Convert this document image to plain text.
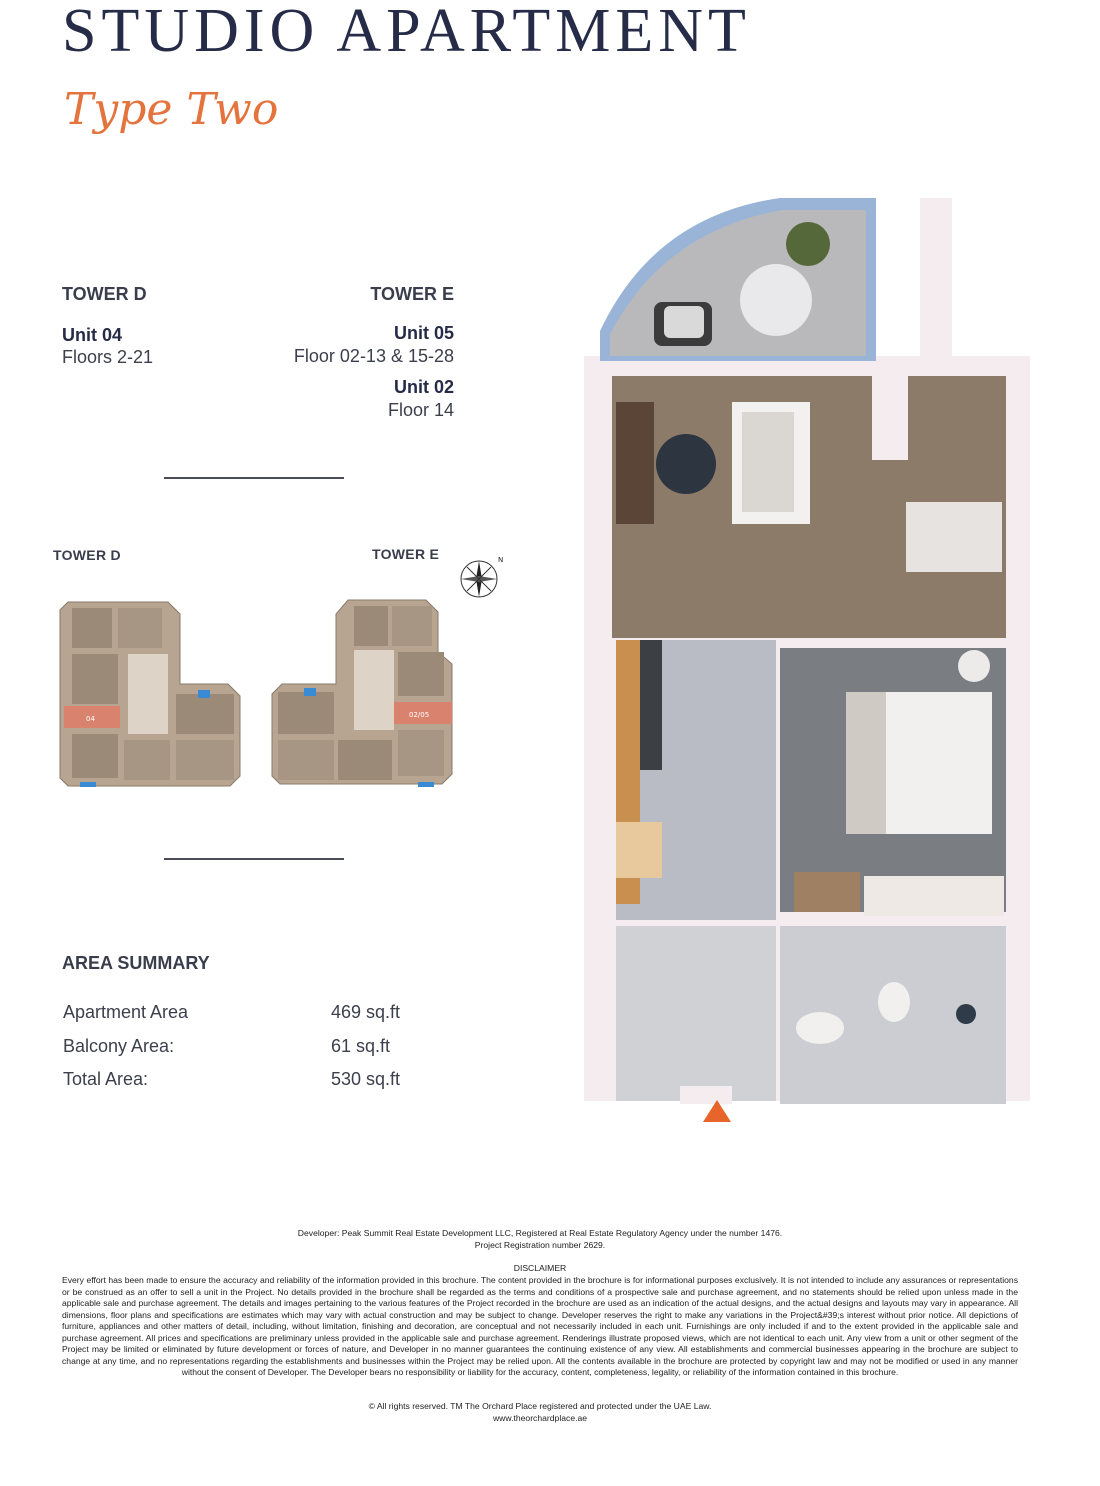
STUDIO APARTMENT
Type Two
TOWER D
Unit 04
Floors 2-21
TOWER E
Unit 05
Floor 02-13 & 15-28
Unit 02
Floor 14
TOWER D	TOWER E	N
04	02/05
AREA SUMMARY
Apartment Area	469 sq.ft
Balcony Area:	61 sq.ft
Total Area:	530 sq.ft
Developer: Peak Summit Real Estate Development LLC, Registered at Real Estate Regulatory Agency under the number 1476.
Project Registration number 2629.
DISCLAIMER
Every effort has been made to ensure the accuracy and reliability of the information provided in this brochure. The content provided in the brochure is for informational purposes exclusively. It is not intended to include any assurances or representations or be construed as an offer to sell a unit in the Project. No details provided in the brochure shall be regarded as the terms and conditions of a prospective sale and purchase agreement, and no statements should be relied upon unless made in the applicable sale and purchase agreement. The details and images pertaining to the various features of the Project recorded in the brochure are used as an indication of the actual designs, and the actual designs and layouts may vary in appearance. All dimensions, floor plans and specifications are estimates which may vary with actual construction and may be subject to change. Developer reserves the right to make any variations in the Project&#39;s interest without prior notice. All depictions of furniture, appliances and other matters of detail, including, without limitation, finishing and decoration, are conceptual and not necessarily included in each unit. Furnishings are only included if and to the extent provided in the applicable sale and purchase agreement. All prices and specifications are preliminary unless provided in the applicable sale and purchase agreement. Renderings illustrate proposed views, which are not identical to each unit. Any view from a unit or other segment of the Project may be limited or eliminated by future development or forces of nature, and Developer in no manner guarantees the continuing existence of any view. All establishments and commercial businesses appearing in the brochure are subject to change at any time, and no representations regarding the establishments and businesses within the Project may be relied upon. All the contents available in the brochure are protected by copyright law and may not be modified or used in any manner without the consent of Developer. The Developer bears no responsibility or liability for the accuracy, content, completeness, legality, or reliability of the information contained in this brochure.
© All rights reserved. TM The Orchard Place registered and protected under the UAE Law.
www.theorchardplace.ae
